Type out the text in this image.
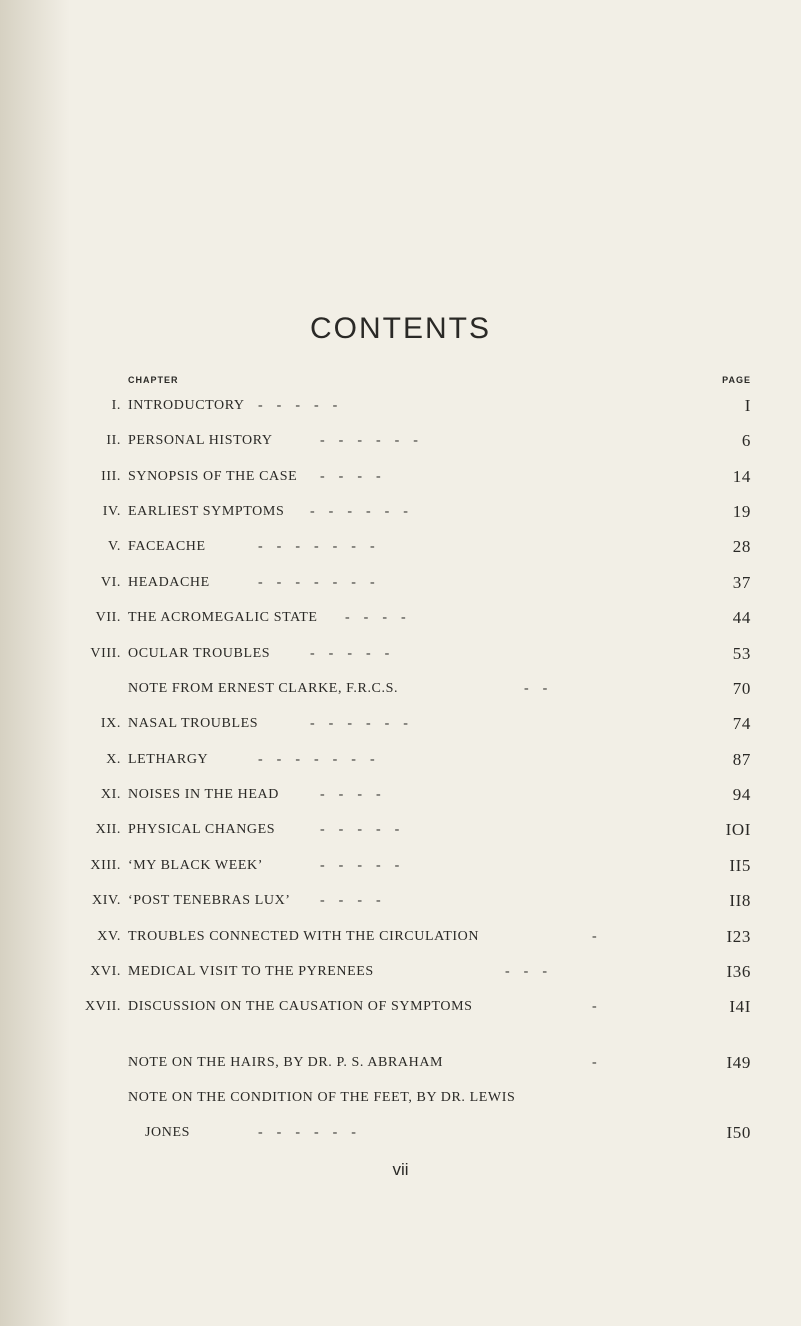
CONTENTS
CHAPTER	PAGE
I. INTRODUCTORY -    -    -    -    -	I
II. PERSONAL HISTORY	-    -    -    -    -    -	6
III. SYNOPSIS OF THE CASE -    -    -    -	14
IV. EARLIEST SYMPTOMS -    -    -    -    -    -	19
V. FACEACHE	-    -    -    -    -    -    -	28
VI. HEADACHE	-    -    -    -    -    -    -	37
VII. THE ACROMEGALIC STATE -    -    -    -	44
VIII. OCULAR TROUBLES	-    -    -    -    -	53
NOTE FROM ERNEST CLARKE, F.R.C.S.	-    -	70
IX. NASAL TROUBLES	-    -    -    -    -    -	74
X. LETHARGY	-    -    -    -    -    -    -	87
XI. NOISES IN THE HEAD	-    -    -    -	94
XII. PHYSICAL CHANGES	-    -    -    -    -	IOI
XIII. ‘MY BLACK WEEK’	-    -    -    -    -	II5
XIV. ‘POST TENEBRAS LUX’ -    -    -    -	II8
XV. TROUBLES CONNECTED WITH THE CIRCULATION	-	I23
XVI. MEDICAL VISIT TO THE PYRENEES	-    -    -	I36
XVII. DISCUSSION ON THE CAUSATION OF SYMPTOMS	-	I4I
NOTE ON THE HAIRS, BY DR. P. S. ABRAHAM	-	I49
NOTE ON THE CONDITION OF THE FEET, BY DR. LEWIS
JONES	-    -    -    -    -    -	I50
vii
